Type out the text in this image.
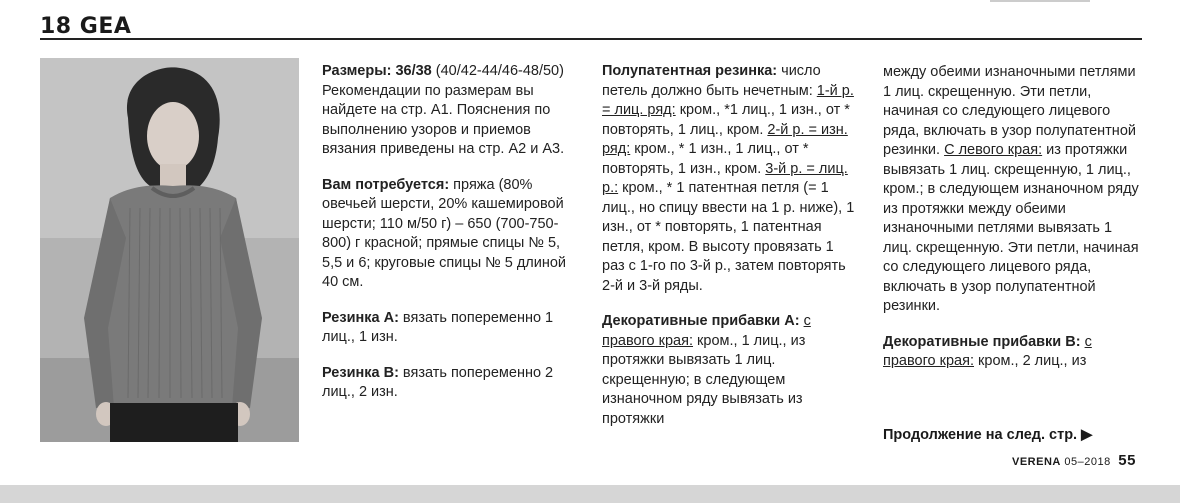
18 GEA

Размеры: 36/38 (40/42-44/46-48/50)
Рекомендации по размерам вы найдете на стр. А1. Пояснения по выполнению узоров и приемов вязания приведены на стр. А2 и А3.

Вам потребуется: пряжа (80% овечьей шерсти, 20% кашемировой шерсти; 110 м/50 г) – 650 (700-750-800) г красной; прямые спицы № 5, 5,5 и 6; круговые спицы № 5 длиной 40 см.

Резинка А: вязать попеременно 1 лиц., 1 изн.

Резинка В: вязать попеременно 2 лиц., 2 изн.

Полупатентная резинка: число петель должно быть нечетным: 1-й р. = лиц. ряд: кром., *1 лиц., 1 изн., от * повторять, 1 лиц., кром. 2-й р. = изн. ряд: кром., * 1 изн., 1 лиц., от * повторять, 1 изн., кром. 3-й р. = лиц. р.: кром., * 1 патентная петля (= 1 лиц., но спицу ввести на 1 р. ниже), 1 изн., от * повторять, 1 патентная петля, кром. В высоту провязать 1 раз с 1-го по 3-й р., затем повторять 2-й и 3-й ряды.

Декоративные прибавки А: с правого края: кром., 1 лиц., из протяжки вывязать 1 лиц. скрещенную; в следующем изнаночном ряду вывязать из протяжки

между обеими изнаночными петлями 1 лиц. скрещенную. Эти петли, начиная со следующего лицевого ряда, включать в узор полупатентной резинки. С левого края: из протяжки вывязать 1 лиц. скрещенную, 1 лиц., кром.; в следующем изнаночном ряду из протяжки между обеими изнаночными петлями вывязать 1 лиц. скрещенную. Эти петли, начиная со следующего лицевого ряда, включать в узор полупатентной резинки.

Декоративные прибавки В: с правого края: кром., 2 лиц., из

Продолжение на след. стр. ▶
VERENA 05–2018 55
